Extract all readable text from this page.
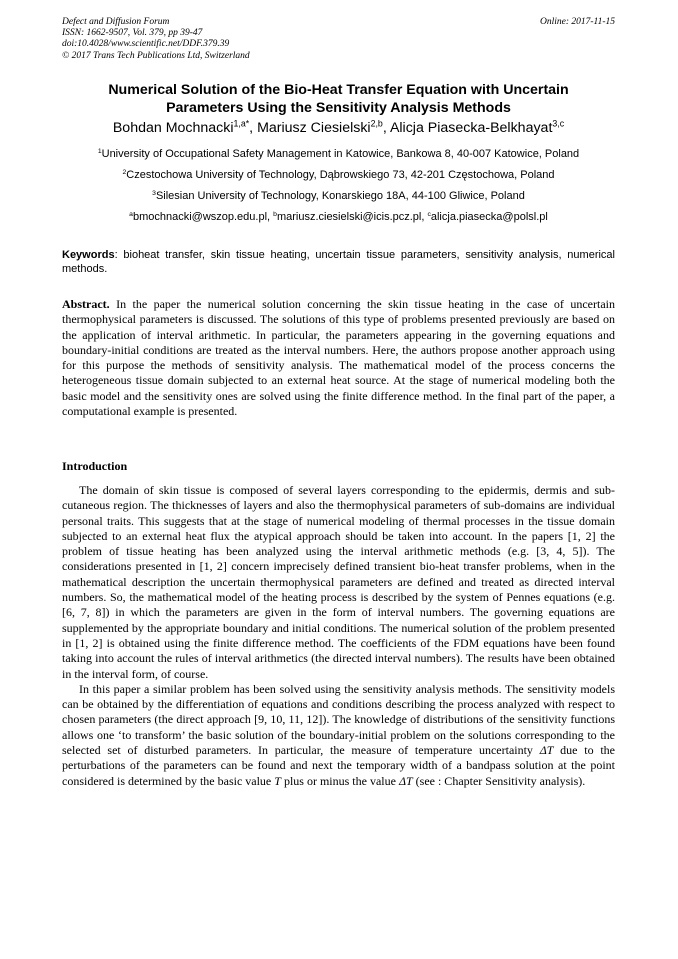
Defect and Diffusion Forum
ISSN: 1662-9507, Vol. 379, pp 39-47
doi:10.4028/www.scientific.net/DDF.379.39
© 2017 Trans Tech Publications Ltd, Switzerland
Online: 2017-11-15
Numerical Solution of the Bio-Heat Transfer Equation with Uncertain
Parameters Using the Sensitivity Analysis Methods
Bohdan Mochnacki$^{1,a*}$, Mariusz Ciesielski$^{2,b}$, Alicja Piasecka-Belkhayat$^{3,c}$
$^1$University of Occupational Safety Management in Katowice, Bankowa 8, 40-007 Katowice, Poland
$^2$Czestochowa University of Technology, Dąbrowskiego 73, 42-201 Częstochowa, Poland
$^3$Silesian University of Technology, Konarskiego 18A, 44-100 Gliwice, Poland
$^a$bmochnacki@wszop.edu.pl, $^b$mariusz.ciesielski@icis.pcz.pl, $^c$alicja.piasecka@polsl.pl
Keywords: bioheat transfer, skin tissue heating, uncertain tissue parameters, sensitivity analysis, numerical methods.
Abstract. In the paper the numerical solution concerning the skin tissue heating in the case of uncertain thermophysical parameters is discussed. The solutions of this type of problems presented previously are based on the application of interval arithmetic. In particular, the parameters appearing in the governing equations and boundary-initial conditions are treated as the interval numbers. Here, the authors propose another approach using for this purpose the methods of sensitivity analysis. The mathematical model of the process concerns the heterogeneous tissue domain subjected to an external heat source. At the stage of numerical modeling both the basic model and the sensitivity ones are solved using the finite difference method. In the final part of the paper, a computational example is presented.
Introduction

The domain of skin tissue is composed of several layers corresponding to the epidermis, dermis and sub-cutaneous region. The thicknesses of layers and also the thermophysical parameters of sub-domains are individual personal traits. This suggests that at the stage of numerical modeling of thermal processes in the tissue domain subjected to an external heat flux the atypical approach should be taken into account. In the papers [1, 2] the problem of tissue heating has been analyzed using the interval arithmetic methods (e.g. [3, 4, 5]). The considerations presented in [1, 2] concern imprecisely defined transient bio-heat transfer problems, when in the mathematical description the uncertain thermophysical parameters are defined and treated as directed interval numbers. So, the mathematical model of the heating process is described by the system of Pennes equations (e.g. [6, 7, 8]) in which the parameters are given in the form of interval numbers. The governing equations are supplemented by the appropriate boundary and initial conditions. The numerical solution of the problem presented in [1, 2] is obtained using the finite difference method. The coefficients of the FDM equations have been found taking into account the rules of interval arithmetics (the directed interval numbers). The results have been obtained in the interval form, of course.

In this paper a similar problem has been solved using the sensitivity analysis methods. The sensitivity models can be obtained by the differentiation of equations and conditions describing the process analyzed with respect to chosen parameters (the direct approach [9, 10, 11, 12]). The knowledge of distributions of the sensitivity functions allows one ‘to transform’ the basic solution of the boundary-initial problem on the solutions corresponding to the selected set of disturbed parameters. In particular, the measure of temperature uncertainty ΔT due to the perturbations of the parameters can be found and next the temporary width of a bandpass solution at the point considered is determined by the basic value T plus or minus the value ΔT (see : Chapter Sensitivity analysis).
